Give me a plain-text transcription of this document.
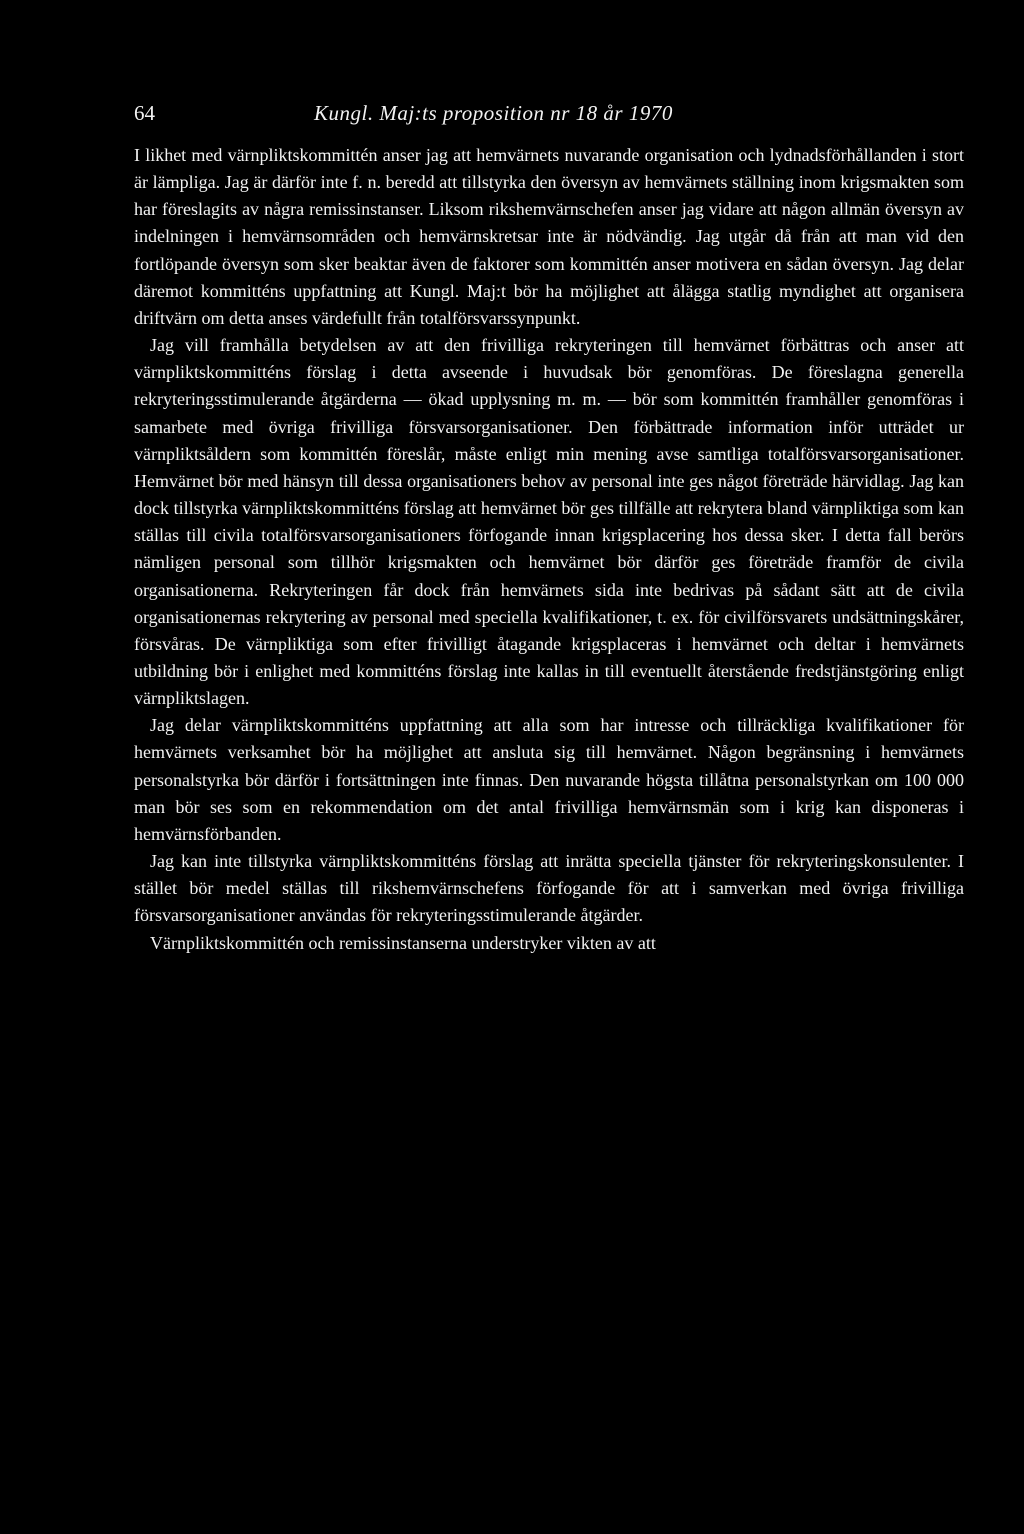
64	Kungl. Maj:ts proposition nr 18 år 1970

I likhet med värnpliktskommittén anser jag att hemvärnets nuvarande organisation och lydnadsförhållanden i stort är lämpliga. Jag är därför inte f. n. beredd att tillstyrka den översyn av hemvärnets ställning inom krigsmakten som har föreslagits av några remissinstanser. Liksom rikshemvärnschefen anser jag vidare att någon allmän översyn av indelningen i hemvärnsområden och hemvärnskretsar inte är nödvändig. Jag utgår då från att man vid den fortlöpande översyn som sker beaktar även de faktorer som kommittén anser motivera en sådan översyn. Jag delar däremot kommitténs uppfattning att Kungl. Maj:t bör ha möjlighet att ålägga statlig myndighet att organisera driftvärn om detta anses värdefullt från totalförsvarssynpunkt.

Jag vill framhålla betydelsen av att den frivilliga rekryteringen till hemvärnet förbättras och anser att värnpliktskommitténs förslag i detta avseende i huvudsak bör genomföras. De föreslagna generella rekryteringsstimulerande åtgärderna — ökad upplysning m. m. — bör som kommittén framhåller genomföras i samarbete med övriga frivilliga försvarsorganisationer. Den förbättrade information inför utträdet ur värnpliktsåldern som kommittén föreslår, måste enligt min mening avse samtliga totalförsvarsorganisationer. Hemvärnet bör med hänsyn till dessa organisationers behov av personal inte ges något företräde härvidlag. Jag kan dock tillstyrka värnpliktskommitténs förslag att hemvärnet bör ges tillfälle att rekrytera bland värnpliktiga som kan ställas till civila totalförsvarsorganisationers förfogande innan krigsplacering hos dessa sker. I detta fall berörs nämligen personal som tillhör krigsmakten och hemvärnet bör därför ges företräde framför de civila organisationerna. Rekryteringen får dock från hemvärnets sida inte bedrivas på sådant sätt att de civila organisationernas rekrytering av personal med speciella kvalifikationer, t. ex. för civilförsvarets undsättningskårer, försvåras. De värnpliktiga som efter frivilligt åtagande krigsplaceras i hemvärnet och deltar i hemvärnets utbildning bör i enlighet med kommitténs förslag inte kallas in till eventuellt återstående fredstjänstgöring enligt värnpliktslagen.

Jag delar värnpliktskommitténs uppfattning att alla som har intresse och tillräckliga kvalifikationer för hemvärnets verksamhet bör ha möjlighet att ansluta sig till hemvärnet. Någon begränsning i hemvärnets personalstyrka bör därför i fortsättningen inte finnas. Den nuvarande högsta tillåtna personalstyrkan om 100 000 man bör ses som en rekommendation om det antal frivilliga hemvärnsmän som i krig kan disponeras i hemvärnsförbanden.

Jag kan inte tillstyrka värnpliktskommitténs förslag att inrätta speciella tjänster för rekryteringskonsulenter. I stället bör medel ställas till rikshemvärnschefens förfogande för att i samverkan med övriga frivilliga försvarsorganisationer användas för rekryteringsstimulerande åtgärder.

Värnpliktskommittén och remissinstanserna understryker vikten av att
